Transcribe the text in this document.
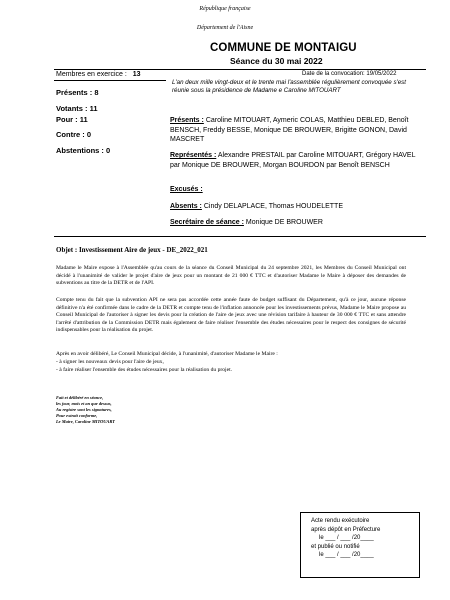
République française
Département de l'Aisne
COMMUNE DE MONTAIGU
Séance du 30 mai 2022
Membres en exercice : 13
Présents : 8
Votants : 11
Pour : 11
Contre : 0
Abstentions : 0
Date de la convocation: 19/05/2022
L'an deux mille vingt-deux et le trente mai l'assemblée régulièrement convoquée s'est réunie sous la présidence de Madame e Caroline MITOUART
Présents : Caroline MITOUART, Aymeric COLAS, Matthieu DEBLED, Benoît BENSCH, Freddy BESSE, Monique DE BROUWER, Brigitte GONON, David MASCRET
Représentés : Alexandre PRESTAIL par Caroline MITOUART, Grégory HAVEL par Monique DE BROUWER, Morgan BOURDON par Benoît BENSCH
Excusés :
Absents : Cindy DELAPLACE, Thomas HOUDELETTE
Secrétaire de séance : Monique DE BROUWER
Objet : Investissement Aire de jeux - DE_2022_021
Madame le Maire expose à l'Assemblée qu'au cours de la séance du Conseil Municipal du 24 septembre 2021, les Membres du Conseil Municipal ont décidé à l'unanimité de valider le projet d'aire de jeux pour un montant de 21 000 € TTC et d'autoriser Madame le Maire à déposer des demandes de subventions au titre de la DETR et de l'API.
Compte tenu du fait que la subvention API ne sera pas accordée cette année faute de budget suffisant du Département, qu'à ce jour, aucune réponse définitive n'a été confirmée dans le cadre de la DETR et compte tenu de l'inflation annoncée pour les investissements prévus, Madame le Maire propose au Conseil Municipal de l'autoriser à signer les devis pour la création de l'aire de jeux avec une révision tarifaire à hauteur de 30 000 € TTC et sans attendre l'arrêté d'attribution de la Commission DETR mais également de faire réaliser l'ensemble des études nécessaires pour le respect des consignes de sécurité indispensables pour la réalisation du projet.
Après en avoir délibéré, Le Conseil Municipal décide, à l'unanimité, d'autoriser Madame le Maire :
- à signer les nouveaux devis pour l'aire de jeux,
- à faire réaliser l'ensemble des études nécessaires pour la réalisation du projet.
Fait et délibéré en séance,
les jour, mois et an que dessus,
Au registre sont les signatures,
Pour extrait conforme,
Le Maire, Caroline MITOUART
Acte rendu exécutoire
après dépôt en Préfecture
le ___ / ___ /20____
et publié ou notifié
le ___ / ___ /20____
